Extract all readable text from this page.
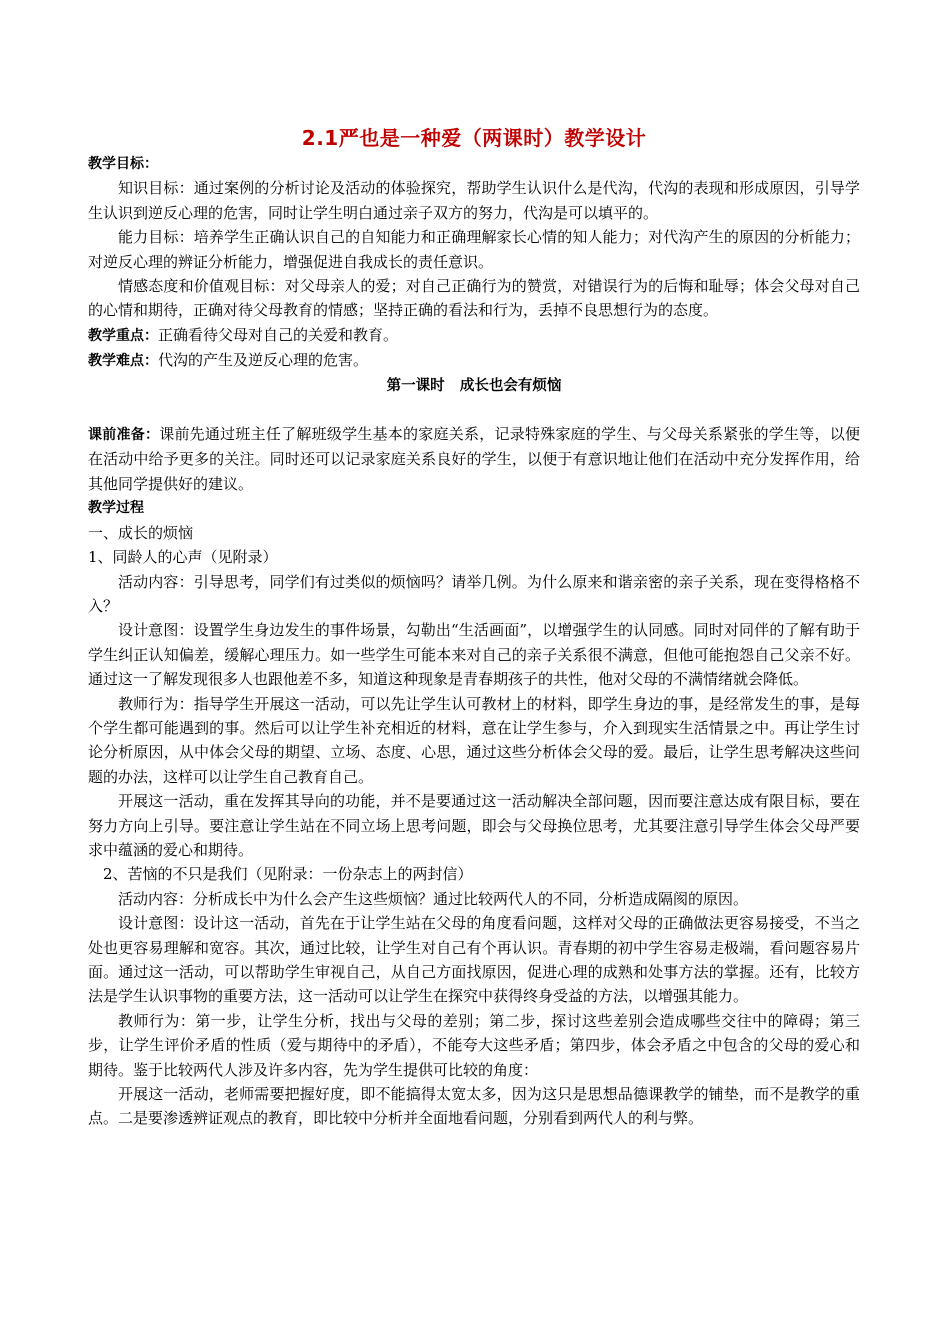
2.1严也是一种爱（两课时）教学设计

教学目标：

知识目标：通过案例的分析讨论及活动的体验探究，帮助学生认识什么是代沟，代沟的表现和形成原因，引导学生认识到逆反心理的危害，同时让学生明白通过亲子双方的努力，代沟是可以填平的。

能力目标：培养学生正确认识自己的自知能力和正确理解家长心情的知人能力；对代沟产生的原因的分析能力；对逆反心理的辨证分析能力，增强促进自我成长的责任意识。

情感态度和价值观目标：对父母亲人的爱；对自己正确行为的赞赏，对错误行为的后悔和耻辱；体会父母对自己的心情和期待，正确对待父母教育的情感；坚持正确的看法和行为，丢掉不良思想行为的态度。

教学重点：正确看待父母对自己的关爱和教育。

教学难点：代沟的产生及逆反心理的危害。

第一课时   成长也会有烦恼

课前准备：课前先通过班主任了解班级学生基本的家庭关系，记录特殊家庭的学生、与父母关系紧张的学生等，以便在活动中给予更多的关注。同时还可以记录家庭关系良好的学生，以便于有意识地让他们在活动中充分发挥作用，给其他同学提供好的建议。

教学过程

一、成长的烦恼

1、同龄人的心声（见附录）

活动内容：引导思考，同学们有过类似的烦恼吗？请举几例。为什么原来和谐亲密的亲子关系，现在变得格格不入？

设计意图：设置学生身边发生的事件场景，勾勒出“生活画面”，以增强学生的认同感。同时对同伴的了解有助于学生纠正认知偏差，缓解心理压力。如一些学生可能本来对自己的亲子关系很不满意，但他可能抱怨自己父亲不好。通过这一了解发现很多人也跟他差不多，知道这种现象是青春期孩子的共性，他对父母的不满情绪就会降低。

教师行为：指导学生开展这一活动，可以先让学生认可教材上的材料，即学生身边的事，是经常发生的事，是每个学生都可能遇到的事。然后可以让学生补充相近的材料，意在让学生参与，介入到现实生活情景之中。再让学生讨论分析原因，从中体会父母的期望、立场、态度、心思，通过这些分析体会父母的爱。最后，让学生思考解决这些问题的办法，这样可以让学生自己教育自己。

开展这一活动，重在发挥其导向的功能，并不是要通过这一活动解决全部问题，因而要注意达成有限目标，要在努力方向上引导。要注意让学生站在不同立场上思考问题，即会与父母换位思考，尤其要注意引导学生体会父母严要求中蕴涵的爱心和期待。

2、苦恼的不只是我们（见附录：一份杂志上的两封信）

活动内容：分析成长中为什么会产生这些烦恼？通过比较两代人的不同，分析造成隔阂的原因。

设计意图：设计这一活动，首先在于让学生站在父母的角度看问题，这样对父母的正确做法更容易接受，不当之处也更容易理解和宽容。其次，通过比较，让学生对自己有个再认识。青春期的初中学生容易走极端，看问题容易片面。通过这一活动，可以帮助学生审视自己，从自己方面找原因，促进心理的成熟和处事方法的掌握。还有，比较方法是学生认识事物的重要方法，这一活动可以让学生在探究中获得终身受益的方法，以增强其能力。

教师行为：第一步，让学生分析，找出与父母的差别；第二步，探讨这些差别会造成哪些交往中的障碍；第三步，让学生评价矛盾的性质（爱与期待中的矛盾），不能夸大这些矛盾；第四步，体会矛盾之中包含的父母的爱心和期待。鉴于比较两代人涉及许多内容，先为学生提供可比较的角度：

开展这一活动，老师需要把握好度，即不能搞得太宽太多，因为这只是思想品德课教学的铺垫，而不是教学的重点。二是要渗透辨证观点的教育，即比较中分析并全面地看问题，分别看到两代人的利与弊。
